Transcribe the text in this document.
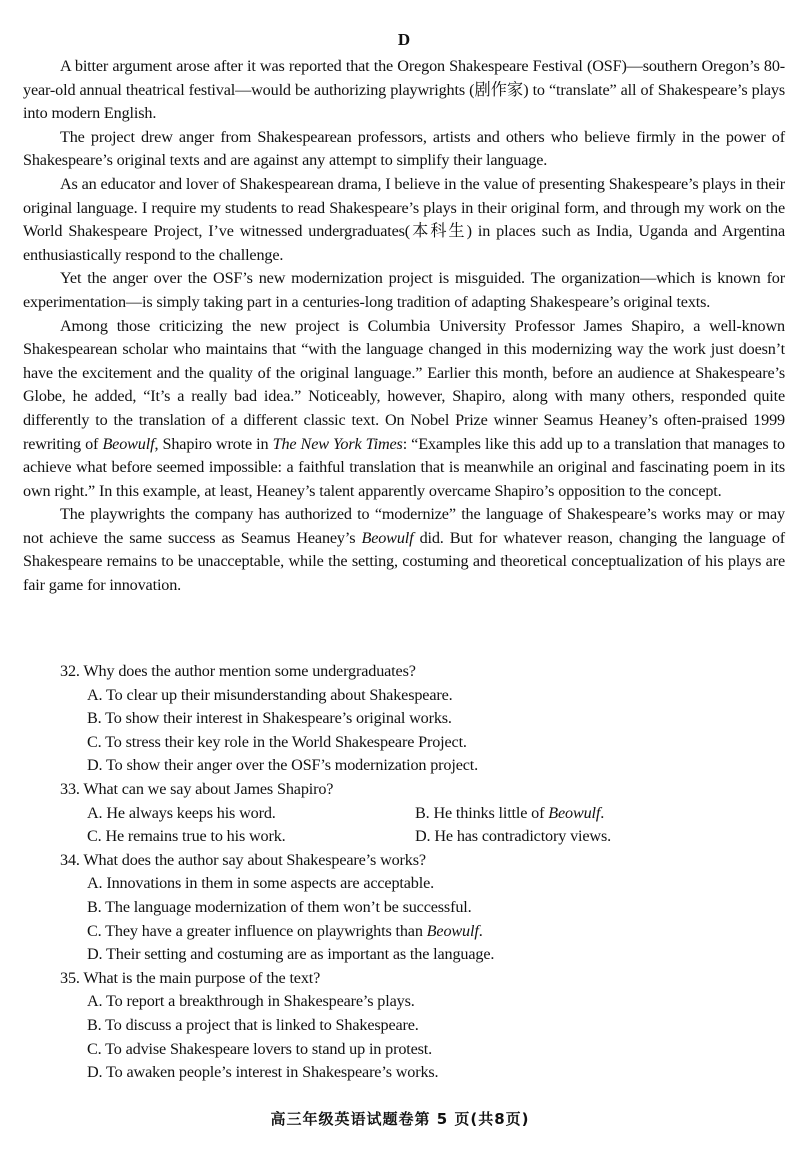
D

A bitter argument arose after it was reported that the Oregon Shakespeare Festival (OSF)—southern Oregon’s 80-year-old annual theatrical festival—would be authorizing playwrights (剧作家) to “translate” all of Shakespeare’s plays into modern English.

The project drew anger from Shakespearean professors, artists and others who believe firmly in the power of Shakespeare’s original texts and are against any attempt to simplify their language.

As an educator and lover of Shakespearean drama, I believe in the value of presenting Shakespeare’s plays in their original language. I require my students to read Shakespeare’s plays in their original form, and through my work on the World Shakespeare Project, I’ve witnessed undergraduates(本科生) in places such as India, Uganda and Argentina enthusiastically respond to the challenge.

Yet the anger over the OSF’s new modernization project is misguided. The organization—which is known for experimentation—is simply taking part in a centuries-long tradition of adapting Shakespeare’s original texts.

Among those criticizing the new project is Columbia University Professor James Shapiro, a well-known Shakespearean scholar who maintains that “with the language changed in this modernizing way the work just doesn’t have the excitement and the quality of the original language.” Earlier this month, before an audience at Shakespeare’s Globe, he added, “It’s a really bad idea.” Noticeably, however, Shapiro, along with many others, responded quite differently to the translation of a different classic text. On Nobel Prize winner Seamus Heaney’s often-praised 1999 rewriting of Beowulf, Shapiro wrote in The New York Times: “Examples like this add up to a translation that manages to achieve what before seemed impossible: a faithful translation that is meanwhile an original and fascinating poem in its own right.” In this example, at least, Heaney’s talent apparently overcame Shapiro’s opposition to the concept.

The playwrights the company has authorized to “modernize” the language of Shakespeare’s works may or may not achieve the same success as Seamus Heaney’s Beowulf did. But for whatever reason, changing the language of Shakespeare remains to be unacceptable, while the setting, costuming and theoretical conceptualization of his plays are fair game for innovation.

32. Why does the author mention some undergraduates?

A. To clear up their misunderstanding about Shakespeare.

B. To show their interest in Shakespeare’s original works.

C. To stress their key role in the World Shakespeare Project.

D. To show their anger over the OSF’s modernization project.

33. What can we say about James Shapiro?

A. He always keeps his word.	B. He thinks little of Beowulf.
C. He remains true to his work.	D. He has contradictory views.

34. What does the author say about Shakespeare’s works?

A. Innovations in them in some aspects are acceptable.

B. The language modernization of them won’t be successful.

C. They have a greater influence on playwrights than Beowulf.

D. Their setting and costuming are as important as the language.

35. What is the main purpose of the text?

A. To report a breakthrough in Shakespeare’s plays.

B. To discuss a project that is linked to Shakespeare.

C. To advise Shakespeare lovers to stand up in protest.

D. To awaken people’s interest in Shakespeare’s works.

高三年级英语试题卷第 5 页(共8页)
